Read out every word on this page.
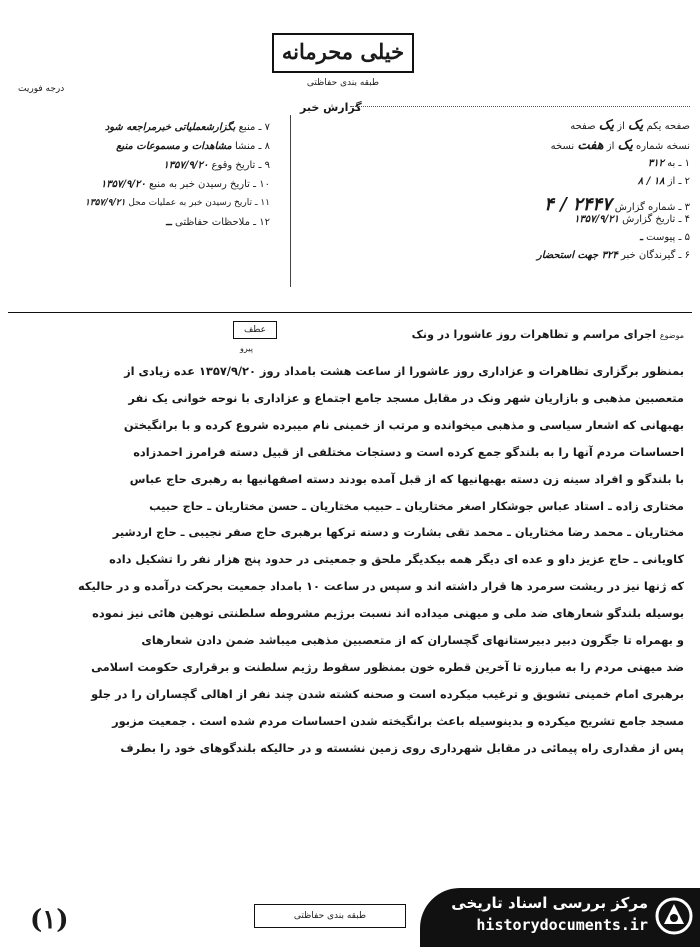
خیلی محرمانه
طبقه بندی حفاظتی
درجه فوریت
گزارش خبر
۷ ـ منبع بگزارشعملیاتی خبرمراجعه شود
۸ ـ منشا مشاهدات و مسموعات منبع
۹ ـ تاریخ وقوع ۱۳۵۷/۹/۲۰
۱۰ ـ تاریخ رسیدن خبر به منبع ۱۳۵۷/۹/۲۰
۱۱ ـ تاریخ رسیدن خبر به عملیات محل ۱۳۵۷/۹/۲۱
۱۲ ـ ملاحظات حفاظتی ــ
صفحه یکم یک از یک صفحه
نسخه شماره یک از هفت نسخه
۱ ـ به ۳۱۲
۲ ـ از ۱۸ / ۸
۳ ـ شماره گزارش ۲۴۴۷ / ۴
۴ ـ تاریخ گزارش ۱۳۵۷/۹/۲۱
۵ ـ پیوست ـ
۶ ـ گیرندگان خبر ۳۲۴ جهت استحضار
موضوع اجرای مراسم و تظاهرات روز عاشورا در ونک
عطف
پیرو
بمنظور برگزاری تظاهرات و عزاداری روز عاشورا از ساعت هشت بامداد روز ۱۳۵۷/۹/۲۰ عده زیادی از
متعصبین مذهبی و بازاریان شهر ونک در مقابل مسجد جامع اجتماع و عزاداری با نوحه خوانی یک نفر
بهبهانی که اشعار سیاسی و مذهبی میخوانده و مرتب از خمینی نام میبرده شروع کرده و با برانگیختن
احساسات مردم آنها را به بلندگو جمع کرده است و دستجات مختلفی از قبیل دسته فرامرز احمدزاده
با بلندگو و افراد سینه زن دسته بهبهانیها که از قبل آمده بودند دسته اصفهانیها به رهبری حاج عباس
مختاری زاده ـ استاد عباس جوشکار اصغر مختاریان ـ حبیب مختاریان ـ حسن مختاریان ـ حاج حبیب
مختاریان ـ محمد رضا مختاریان ـ محمد تقی بشارت و دسته ترکها برهبری حاج صفر نجیبی ـ حاج اردشیر
کاویانی ـ حاج عزیز داو و عده ای دیگر همه بیکدیگر ملحق و جمعیتی در حدود پنج هزار نفر را تشکیل داده
که ژنها نیز در ریشت سرمرد ها قرار داشته اند و سپس در ساعت ۱۰ بامداد جمعیت بحرکت درآمده و در حالیکه
بوسیله بلندگو شعارهای ضد ملی و میهنی میداده اند نسبت برژیم مشروطه سلطنتی توهین هائی نیز نموده
و بهمراه تا جگرون دبیر دبیرستانهای گچساران که از متعصبین مذهبی میباشد ضمن دادن شعارهای
ضد میهنی مردم را به مبارزه تا آخرین قطره خون بمنظور سقوط رژیم سلطنت و برقراری حکومت اسلامی
برهبری امام خمینی تشویق و ترغیب میکرده است و صحنه کشته شدن چند نفر از اهالی گچساران را در جلو
مسجد جامع تشریح میکرده و بدینوسیله باعث برانگیخته شدن احساسات مردم شده است . جمعیت مزبور
پس از مقداری راه پیمائی در مقابل شهرداری روی زمین نشسته و در حالیکه بلندگوهای خود را بطرف
طبقه بندی حفاظتی
(۱)
مرکز بررسی اسناد تاریخی
historydocuments.ir
